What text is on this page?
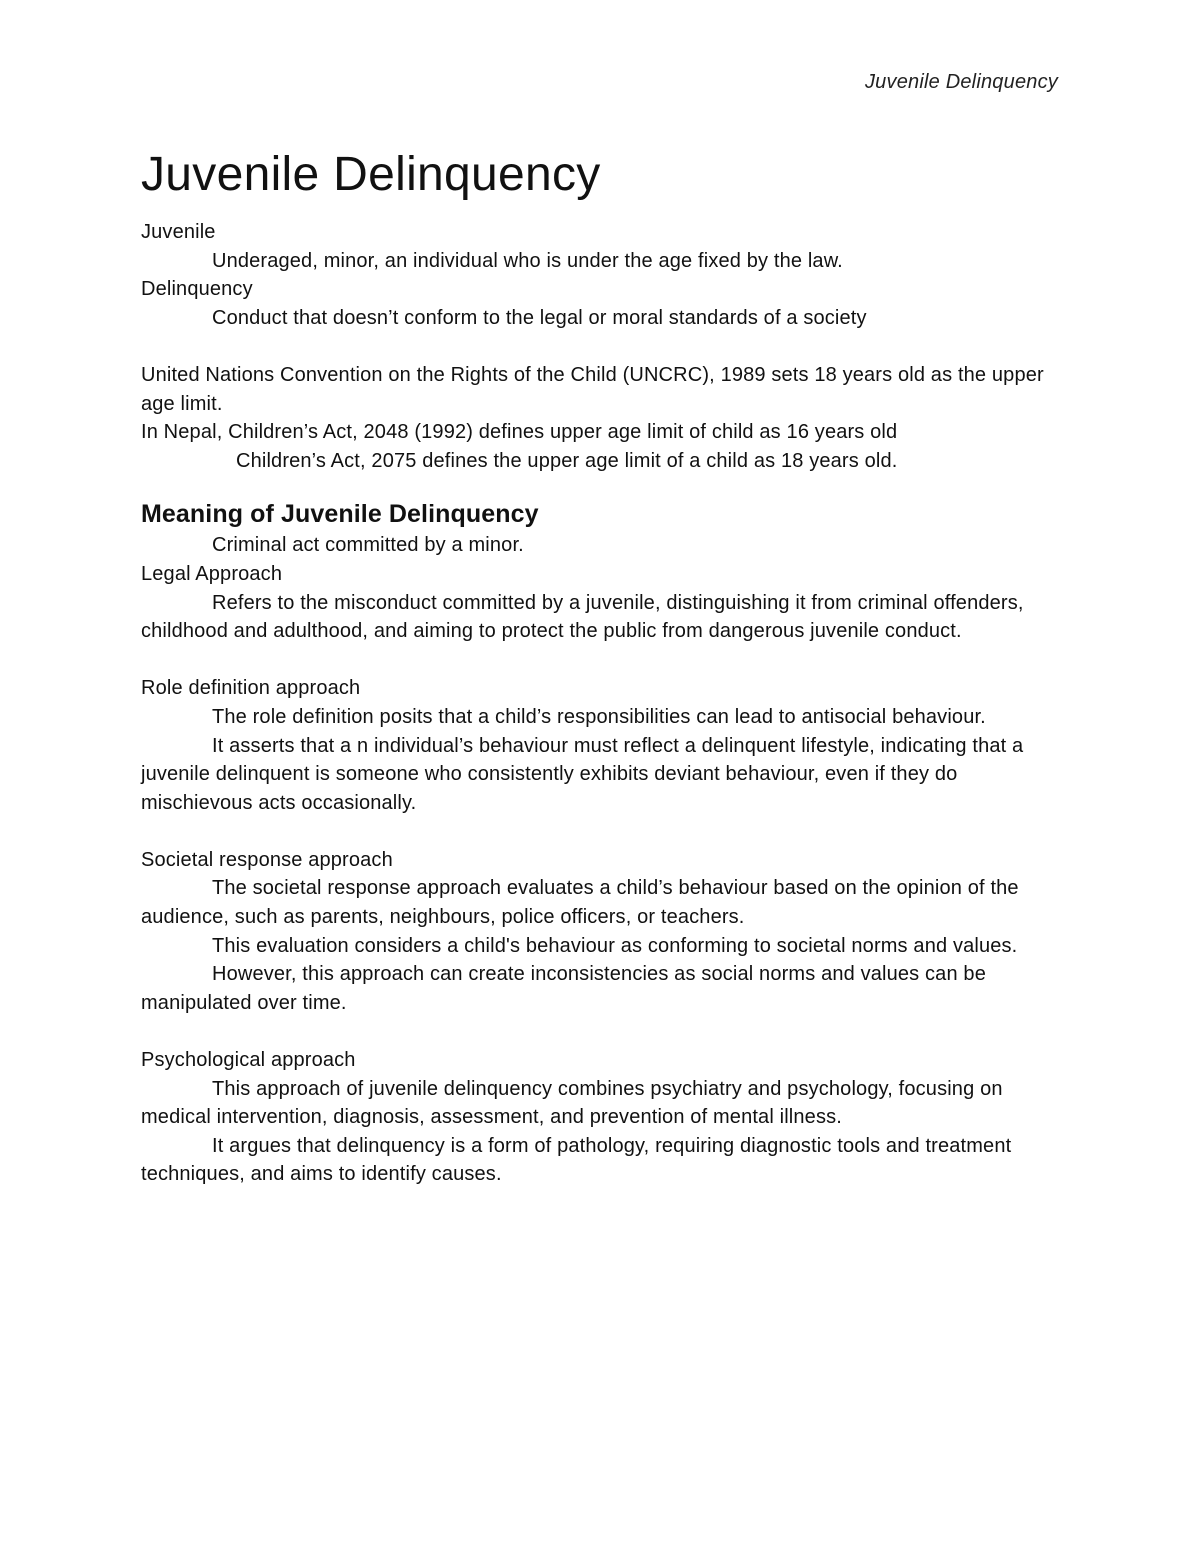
Juvenile Delinquency
Juvenile Delinquency

Juvenile

Underaged, minor, an individual who is under the age fixed by the law.

Delinquency

Conduct that doesn’t conform to the legal or moral standards of a society

United Nations Convention on the Rights of the Child (UNCRC), 1989 sets 18 years old as the upper age limit.

In Nepal, Children’s Act, 2048 (1992) defines upper age limit of child as 16 years old

Children’s Act, 2075 defines the upper age limit of a child as 18 years old.

Meaning of Juvenile Delinquency

Criminal act committed by a minor.

Legal Approach

Refers to the misconduct committed by a juvenile, distinguishing it from criminal offenders, childhood and adulthood, and aiming to protect the public from dangerous juvenile conduct.

Role definition approach

The role definition posits that a child’s responsibilities can lead to antisocial behaviour.

It asserts that a n individual’s behaviour must reflect a delinquent lifestyle, indicating that a juvenile delinquent is someone who consistently exhibits deviant behaviour, even if they do mischievous acts occasionally.

Societal response approach

The societal response approach evaluates a child’s behaviour based on the opinion of the audience, such as parents, neighbours, police officers, or teachers.

This evaluation considers a child's behaviour as conforming to societal norms and values.

However, this approach can create inconsistencies as social norms and values can be manipulated over time.

Psychological approach

This approach of juvenile delinquency combines psychiatry and psychology, focusing on medical intervention, diagnosis, assessment, and prevention of mental illness.

It argues that delinquency is a form of pathology, requiring diagnostic tools and treatment techniques, and aims to identify causes.
